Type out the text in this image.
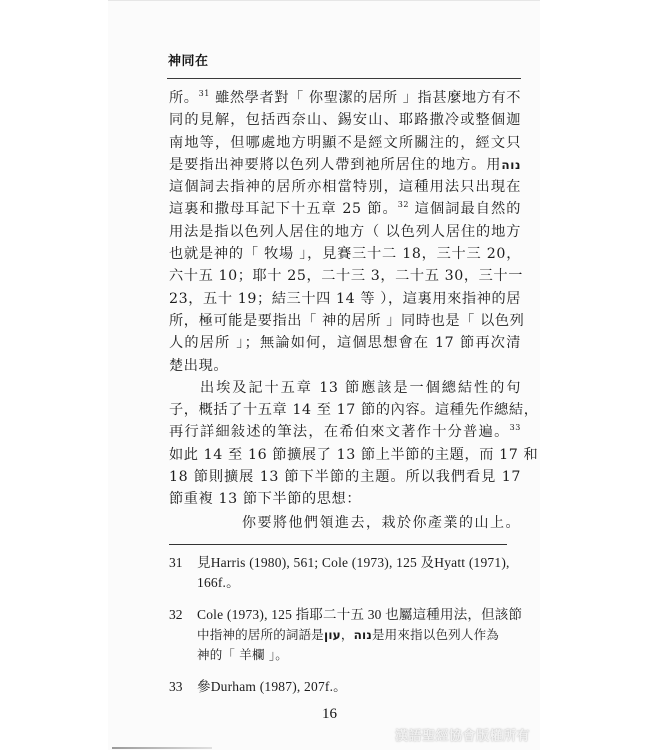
神同在
所。$^{31}$ 雖然學者對「 你聖潔的居所 」指甚麼地方有不
同的見解，包括西奈山、錫安山、耶路撒冷或整個迦
南地等，但哪處地方明顯不是經文所關注的，經文只
是要指出神要將以色列人帶到祂所居住的地方。用נוה
這個詞去指神的居所亦相當特別，這種用法只出現在
這裏和撒母耳記下十五章 25 節。$^{32}$ 這個詞最自然的
用法是指以色列人居住的地方（ 以色列人居住的地方
也就是神的「 牧場 」，見賽三十二 18，三十三 20，
六十五 10；耶十 25，二十三 3，二十五 30，三十一
23，五十 19；結三十四 14 等 ），這裏用來指神的居
所，極可能是要指出「 神的居所 」同時也是「 以色列
人的居所 」；無論如何，這個思想會在 17 節再次清
楚出現。
出埃及記十五章 13 節應該是一個總結性的句
子，概括了十五章 14 至 17 節的內容。這種先作總結，
再行詳細敍述的筆法，在希伯來文著作十分普遍。$^{33}$
如此 14 至 16 節擴展了 13 節上半節的主題，而 17 和
18 節則擴展 13 節下半節的主題。所以我們看見 17
節重複 13 節下半節的思想：
你要將他們領進去，栽於你產業的山上。
31 見Harris (1980), 561; Cole (1973), 125 及Hyatt (1971),
166f.。
32 Cole (1973), 125 指耶二十五 30 也屬這種用法，但該節
中指神的居所的詞語是עון，נוה是用來指以色列人作為
神的「 羊欄 」。
33 參Durham (1987), 207f.。
16
漢語聖經協會版權所有
